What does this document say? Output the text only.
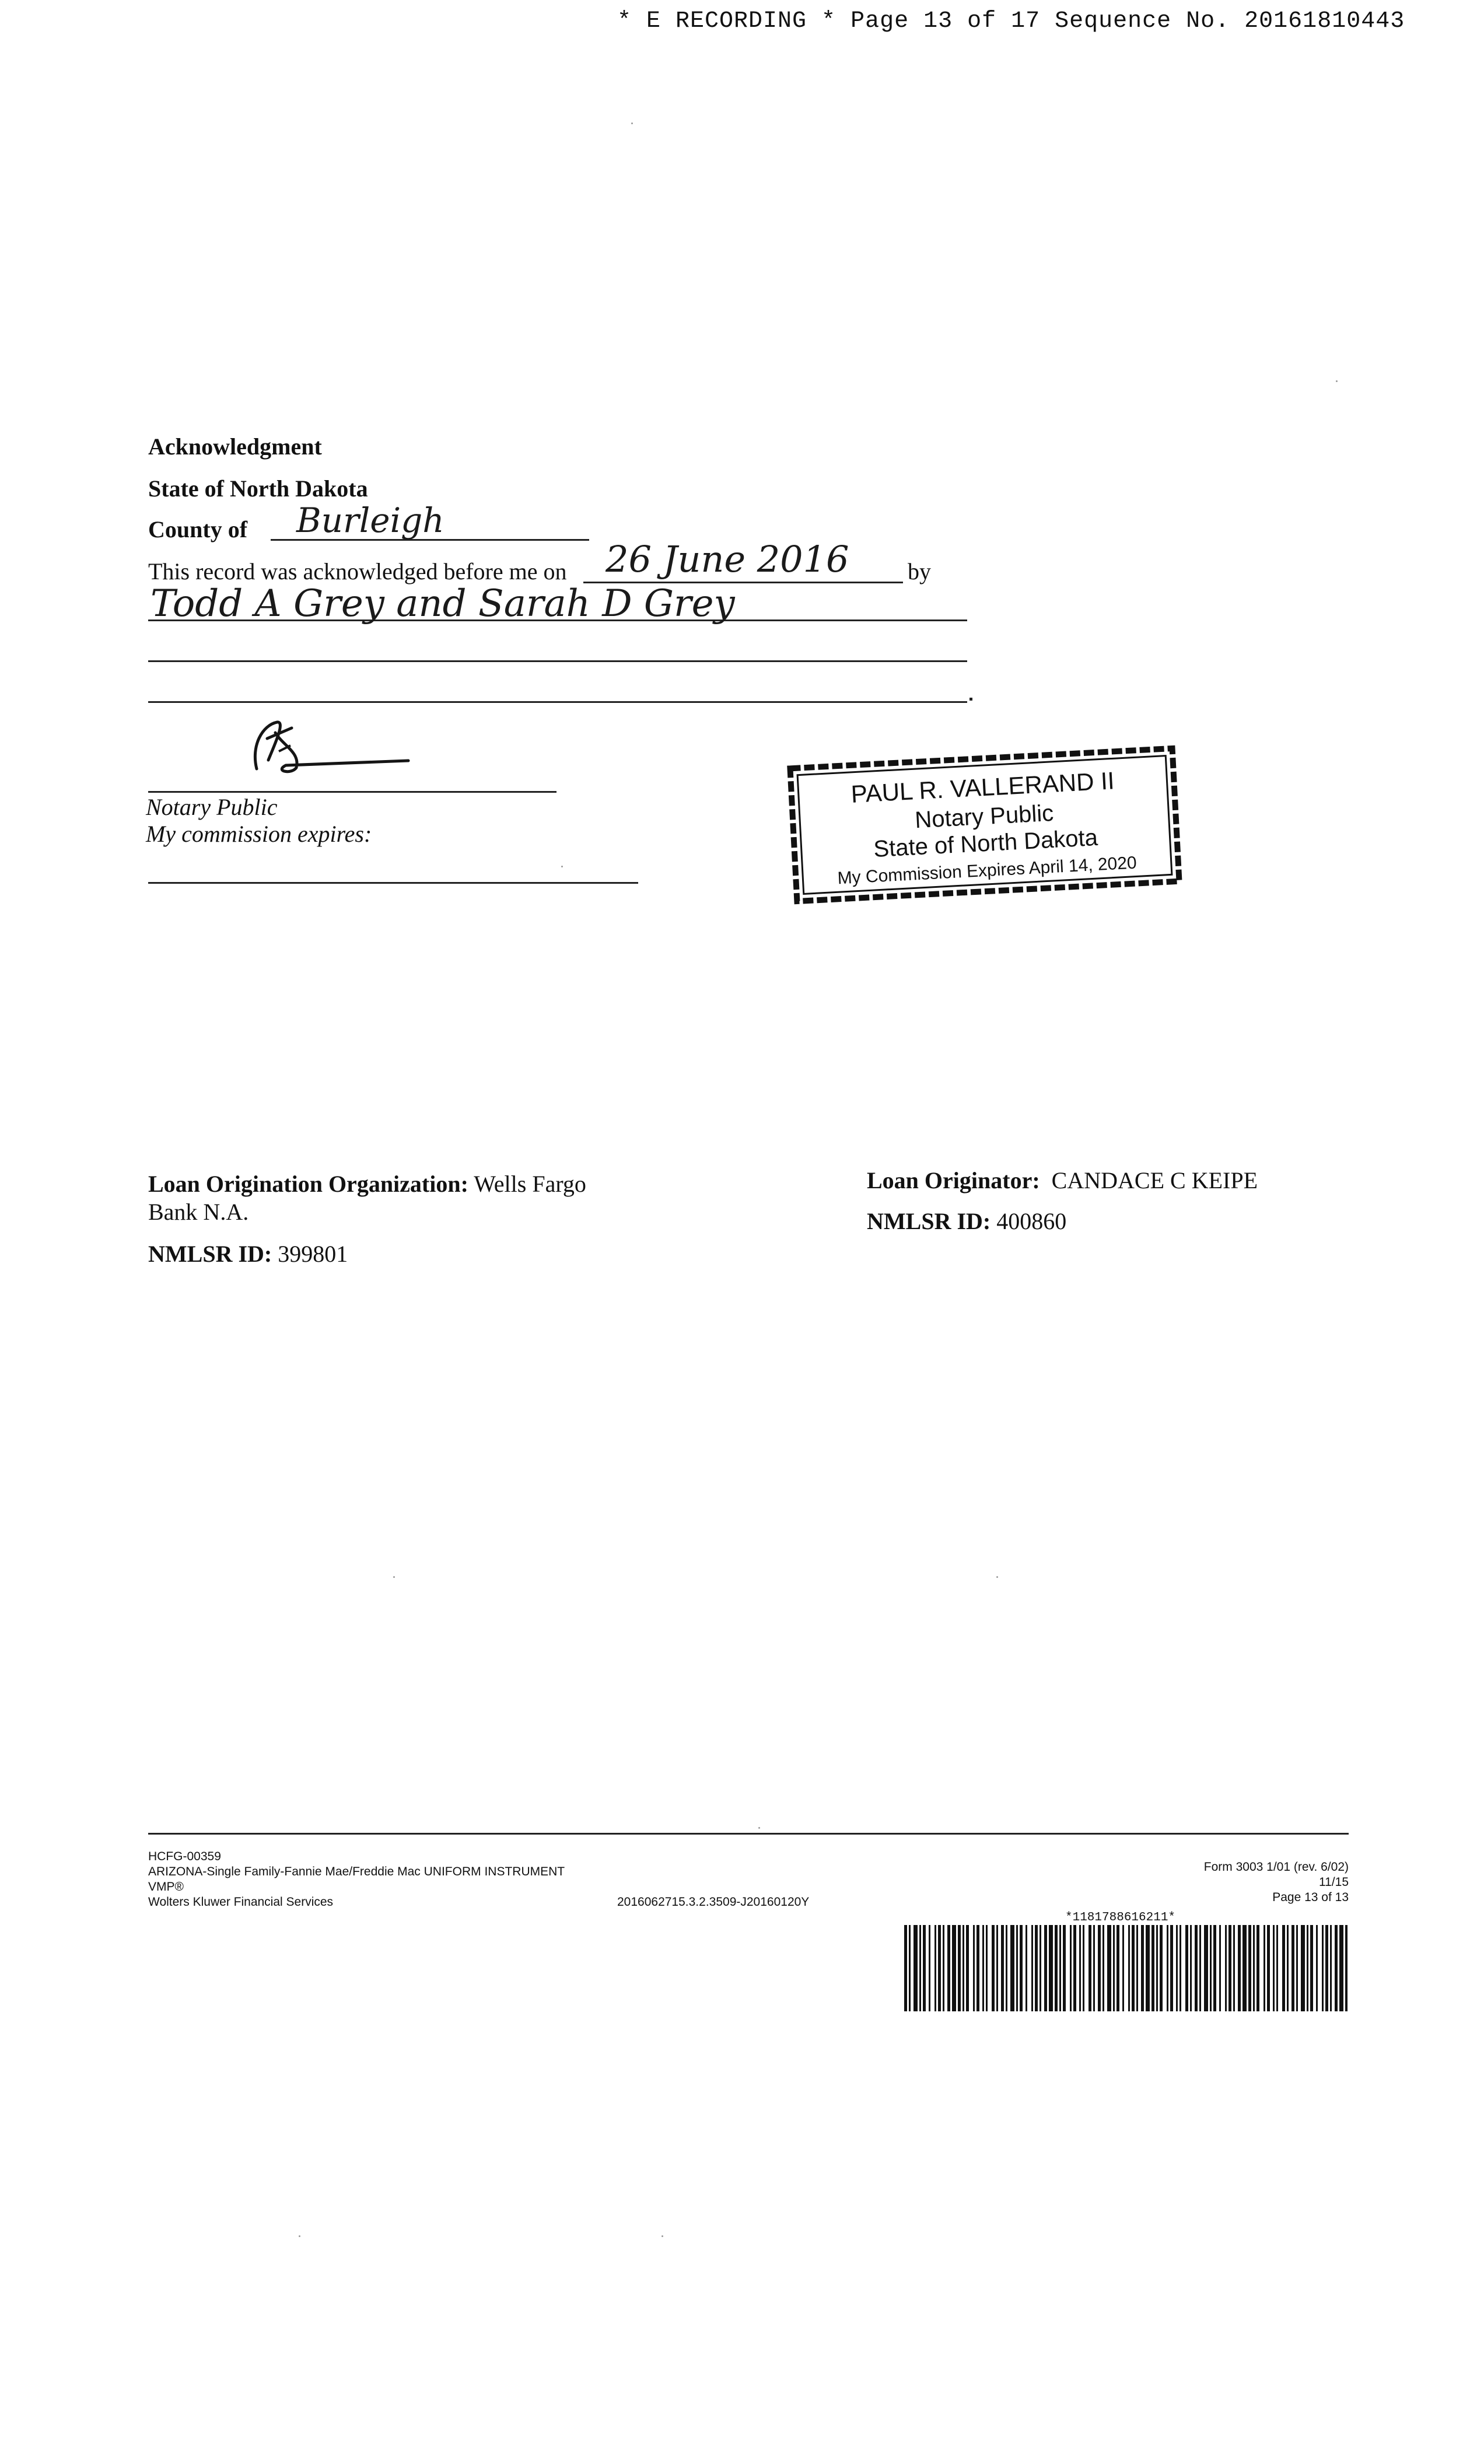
* E RECORDING * Page 13 of 17 Sequence No. 20161810443
Acknowledgment
State of North Dakota
County of Burleigh
This record was acknowledged before me on 26 June 2016	by
Todd A Grey and Sarah D Grey
Notary Public
My commission expires:
PAUL R. VALLERAND II
Notary Public
State of North Dakota
My Commission Expires April 14, 2020
Loan Origination Organization: Wells Fargo
Bank N.A.
NMLSR ID: 399801
Loan Originator: CANDACE C KEIPE
NMLSR ID: 400860
HCFG-00359
ARIZONA-Single Family-Fannie Mae/Freddie Mac UNIFORM INSTRUMENT
VMP®
Wolters Kluwer Financial Services	2016062715.3.2.3509-J20160120Y
Form 3003 1/01 (rev. 6/02)
11/15
Page 13 of 13
*1181788616211*
